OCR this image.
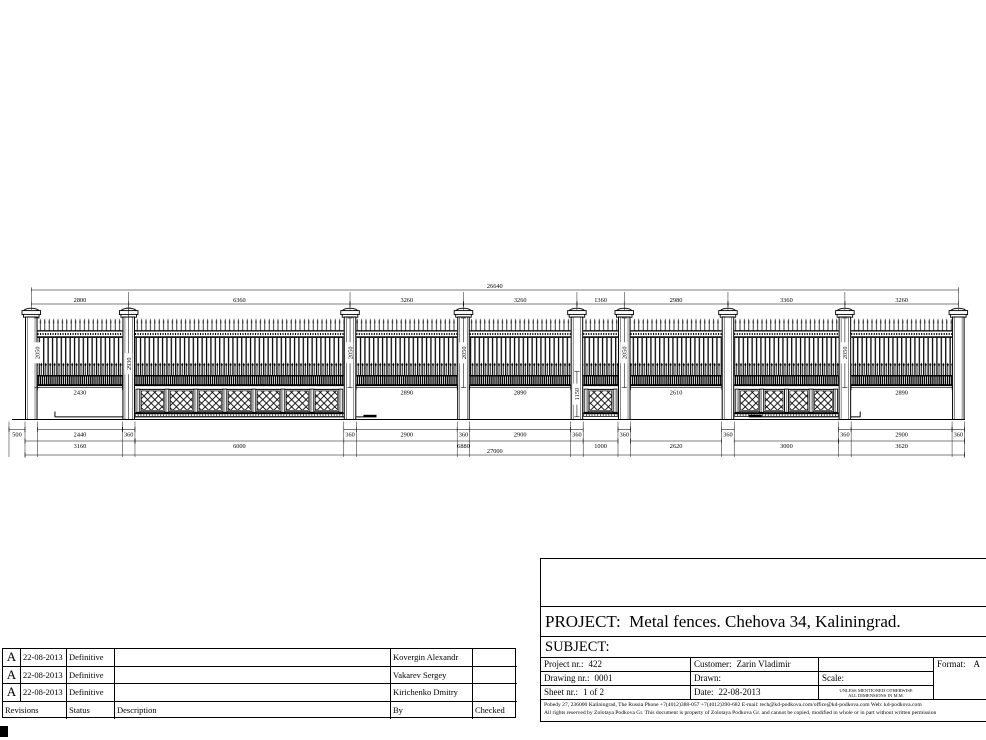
2430	2890	2890	2610	2890
26640
2800	6360	3260	3260	1360	2980	3360	3260
500	2440	360	360	2900	360	2900	360	360	360	360	2900	360
3160	6000	6880	1000	2620	3000	3620
27000
2050
2930
2050	2050
1150
2050	2050
A 22-08-2013 Definitive	Kovergin Alexandr
A 22-08-2013 Definitive	Vakarev Sergey
A 22-08-2013 Definitive	Kirichenko Dmitry
Revisions	Status	Description	By	Checked
PROJECT: Metal fences. Chehova 34, Kaliningrad.
SUBJECT:
Project nr.: 422	Customer: Zarin Vladimir	Format: A
Drawing nr.: 0001	Drawn:	Scale:
Sheet nr.: 1 of 2	Date: 22-08-2013	UNLESS MENTIONED OTHERWISE
ALL DIMENSIONS IN M.M.
Pobedy 27, 236000 Kaliningrad, The Russia Phone +7(4012)388-057 +7(4012)390-682 E-mail: tech@kd-podkova.com/office@kd-podkova.com Web: kd-podkova.com
All rights reserved by Zolotaya Podkova Gr. This document is property of Zolotaya Podkova Gr. and cannot be copied, modified in whole or in part without written permission
